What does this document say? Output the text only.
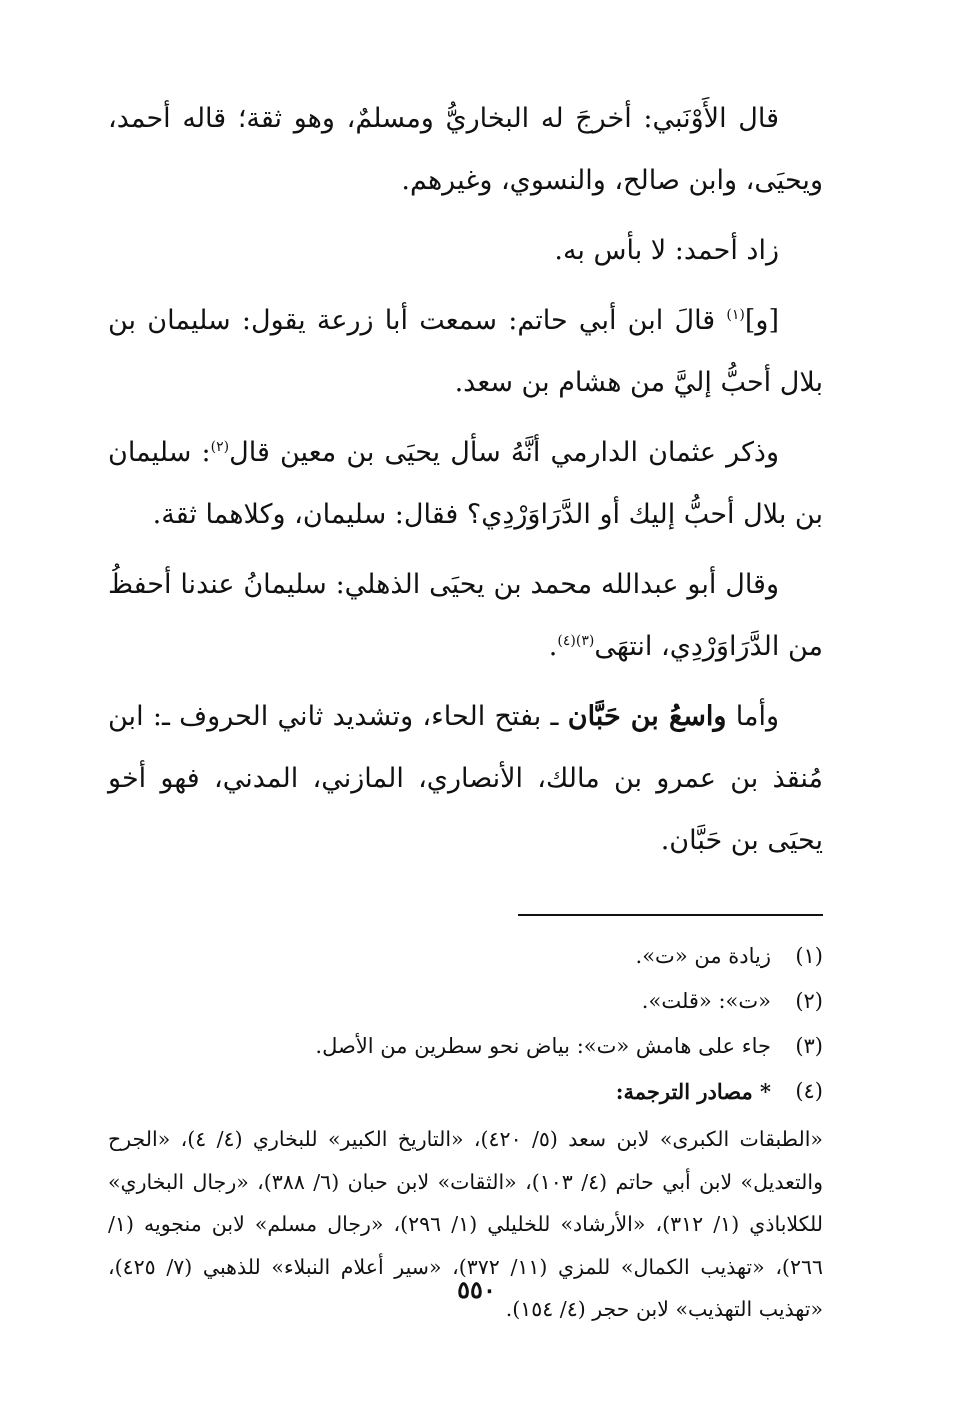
قال الأَوْنَبي: أخرجَ له البخاريُّ ومسلمٌ، وهو ثقة؛ قاله أحمد، ويحيَى، وابن صالح، والنسوي، وغيرهم.

زاد أحمد: لا بأس به.

[و]$^{(١)}$ قالَ ابن أبي حاتم: سمعت أبا زرعة يقول: سليمان بن بلال أحبُّ إليَّ من هشام بن سعد.

وذكر عثمان الدارمي أنَّهُ سأل يحيَى بن معين قال$^{(٢)}$: سليمان بن بلال أحبُّ إليك أو الدَّرَاوَرْدِي؟ فقال: سليمان، وكلاهما ثقة.

وقال أبو عبدالله محمد بن يحيَى الذهلي: سليمانُ عندنا أحفظُ من الدَّرَاوَرْدِي، انتهَى$^{(٣)(٤)}$.

وأما واسعُ بن حَبَّان ـ بفتح الحاء، وتشديد ثاني الحروف ـ: ابن مُنقذ بن عمرو بن مالك، الأنصاري، المازني، المدني، فهو أخو يحيَى بن حَبَّان.

(١)
زيادة من «ت».
(٢)
«ت»: «قلت».
(٣)
جاء على هامش «ت»: بياض نحو سطرين من الأصل.
(٤)
* مصادر الترجمة:
«الطبقات الكبرى» لابن سعد (٥/ ٤٢٠)، «التاريخ الكبير» للبخاري (٤/ ٤)، «الجرح والتعديل» لابن أبي حاتم (٤/ ١٠٣)، «الثقات» لابن حبان (٦/ ٣٨٨)، «رجال البخاري» للكلاباذي (١/ ٣١٢)، «الأرشاد» للخليلي (١/ ٢٩٦)، «رجال مسلم» لابن منجويه (١/ ٢٦٦)، «تهذيب الكمال» للمزي (١١/ ٣٧٢)، «سير أعلام النبلاء» للذهبي (٧/ ٤٢٥)، «تهذيب التهذيب» لابن حجر (٤/ ١٥٤).
٥٥٠
